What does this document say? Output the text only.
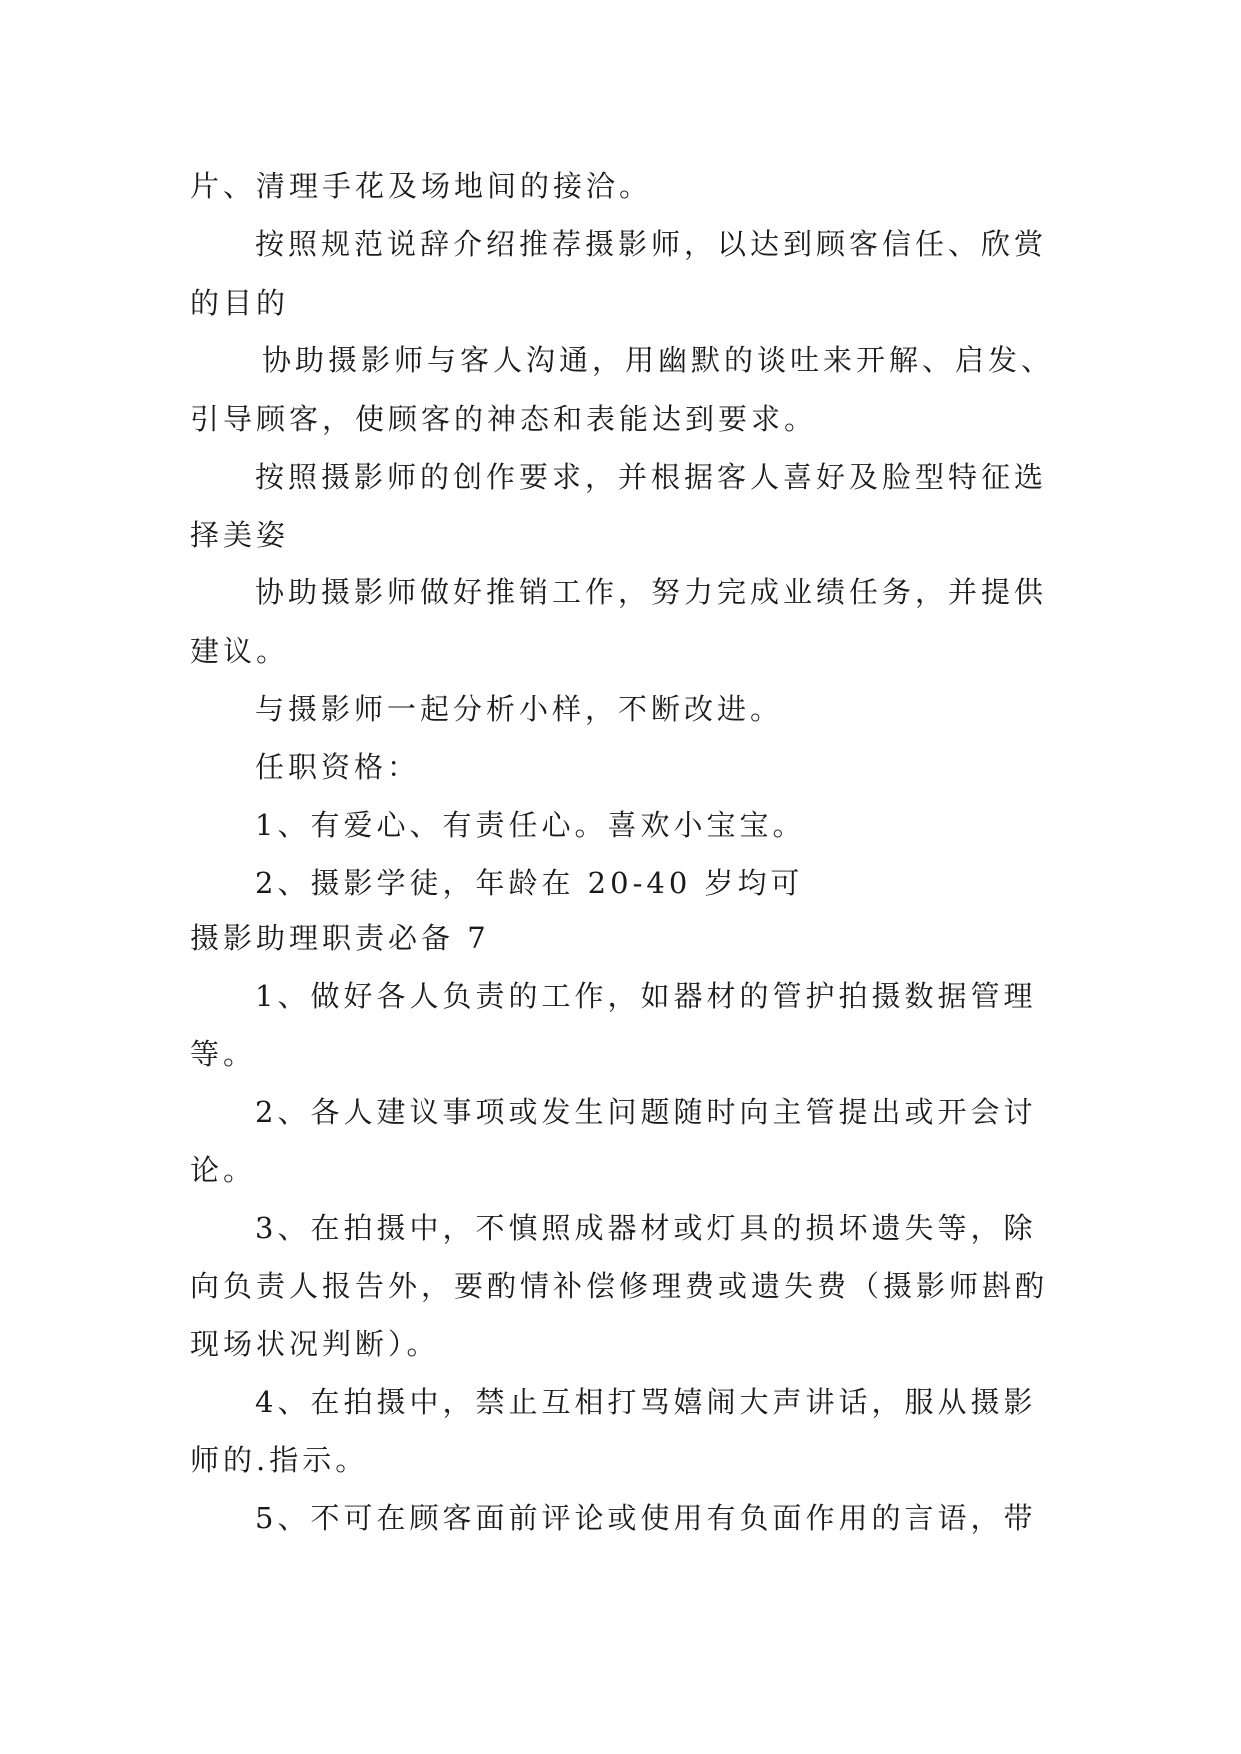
片、清理手花及场地间的接洽。
按照规范说辞介绍推荐摄影师，以达到顾客信任、欣赏
的目的
协助摄影师与客人沟通，用幽默的谈吐来开解、启发、
引导顾客，使顾客的神态和表能达到要求。
按照摄影师的创作要求，并根据客人喜好及脸型特征选
择美姿
协助摄影师做好推销工作，努力完成业绩任务，并提供
建议。
与摄影师一起分析小样，不断改进。
任职资格：
1、有爱心、有责任心。喜欢小宝宝。
2、摄影学徒，年龄在 20-40 岁均可
摄影助理职责必备 7
1、做好各人负责的工作，如器材的管护拍摄数据管理
等。
2、各人建议事项或发生问题随时向主管提出或开会讨
论。
3、在拍摄中，不慎照成器材或灯具的损坏遗失等，除
向负责人报告外，要酌情补偿修理费或遗失费（摄影师斟酌
现场状况判断）。
4、在拍摄中，禁止互相打骂嬉闹大声讲话，服从摄影
师的.指示。
5、不可在顾客面前评论或使用有负面作用的言语，带
